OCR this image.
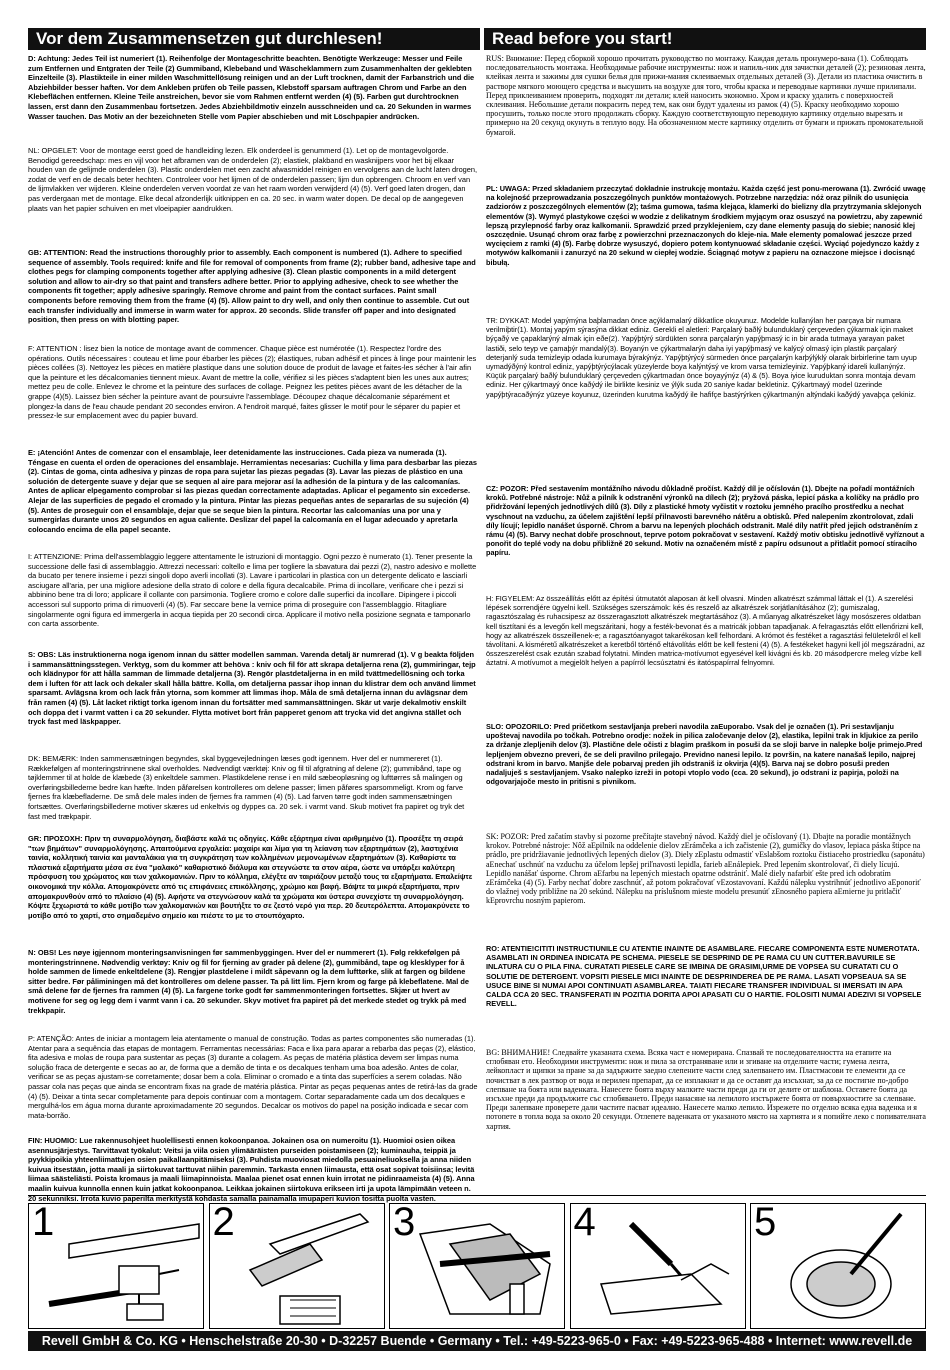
Vor dem Zusammensetzen gut durchlesen!	Read before you start!

D: Achtung: Jedes Teil ist numeriert (1). Reihenfolge der Montageschritte beachten. Benötigte Werkzeuge: Messer und Feile zum Entfernen und Entgraten der Teile (2) Gummiband, Klebeband und Wäscheklammern zum Zusammenhalten der geklebten Einzelteile (3). Plastikteile in einer milden Waschmittellösung reinigen und an der Luft trocknen, damit der Farbanstrich und die Abziehbilder besser haften. Vor dem Ankleben prüfen ob Teile passen, Klebstoff sparsam auftragen Chrom und Farbe an den Klebeflächen entfernen. Kleine Teile anstreichen, bevor sie vom Rahmen entfernt werden (4) (5). Farben gut durchtrocknen lassen, erst dann den Zusammenbau fortsetzen. Jedes Abziehbildmotiv einzeln ausschneiden und ca. 20 Sekunden in warmes Wasser tauchen. Das Motiv an der bezeichneten Stelle vom Papier abschieben und mit Löschpapier andrücken.

NL: OPGELET: Voor de montage eerst goed de handleiding lezen. Elk onderdeel is genummerd (1). Let op de montagevolgorde. Benodigd gereedschap: mes en vijl voor het afbramen van de onderdelen (2); elastiek, plakband en wasknijpers voor het bij elkaar houden van de gelijmde onderdelen (3). Plastic onderdelen met een zacht afwasmiddel reinigen en vervolgens aan de lucht laten drogen, zodat de verf en de decals beter hechten. Controleer voor het lijmen of de onderdelen passen; lijm dun opbrengen. Chroom en verf van de lijmvlakken ver wijderen. Kleine onderdelen verven voordat ze van het raam worden verwijderd (4) (5). Verf goed laten drogen, dan pas verdergaan met de montage. Elke decal afzonderlijk uitknippen en ca. 20 sec. in warm water dopen. De decal op de aangegeven plaats van het papier schuiven en met vloeipapier aandrukken.

GB: ATTENTION: Read the instructions thoroughly prior to assembly. Each component is numbered (1). Adhere to specified sequence of assembly. Tools required: knife and file for removal of components from frame (2); rubber band, adhesive tape and clothes pegs for clamping components together after applying adhesive (3). Clean plastic components in a mild detergent solution and allow to air-dry so that paint and transfers adhere better. Prior to applying adhesive, check to see whether the components fit together; apply adhesive sparingly. Remove chrome and paint from the contact surfaces. Paint small components before removing them from the frame (4) (5). Allow paint to dry well, and only then continue to assemble. Cut out each transfer individually and immerse in warm water for approx. 20 seconds. Slide transfer off paper and into designated position, then press on with blotting paper.

F: ATTENTION : lisez bien la notice de montage avant de commencer. Chaque pièce est numérotée (1). Respectez l'ordre des opérations. Outils nécessaires : couteau et lime pour ébarber les pièces (2); élastiques, ruban adhésif et pinces à linge pour maintenir les pièces collées (3). Nettoyez les pièces en matière plastique dans une solution douce de produit de lavage et faites-les sécher à l'air afin que la peinture et les décalcomanies tiennent mieux. Avant de mettre la colle, vérifiez si les pièces s'adaptent bien les unes aux autres; mettez peu de colle. Enlevez le chrome et la peinture des surfaces de collage. Peignez les petites pièces avant de les détacher de la grappe (4)(5). Laissez bien sécher la peinture avant de poursuivre l'assemblage. Découpez chaque décalcomanie séparément et plongez-la dans de l'eau chaude pendant 20 secondes environ. A l'endroit marqué, faites glisser le motif pour le séparer du papier et pressez-le sur emplacement avec du papier buvard.

E: ¡Atención! Antes de comenzar con el ensamblaje, leer detenidamente las instrucciones. Cada pieza va numerada (1). Téngase en cuenta el orden de operaciones del ensamblaje. Herramientas necesarias: Cuchilla y lima para desbarbar las piezas (2). Cintas de goma, cinta adhesiva y pinzas de ropa para sujetar las piezas pegadas (3). Lavar las piezas de plástico en una solución de detergente suave y dejar que se sequen al aire para mejorar así la adhesión de la pintura y de las calcomanías. Antes de aplicar elpegamento comprobar si las piezas quedan correctamente adaptadas. Aplicar el pegamento sin excederse. Alejar de las superficies de pegado el cromado y la pintura. Pintar las piezas pequeñas antes de separarlas de su sujeción (4) (5). Antes de proseguir con el ensamblaje, dejar que se seque bien la pintura. Recortar las calcomanías una por una y sumergirlas durante unos 20 segundos en agua caliente. Deslizar del papel la calcomanía en el lugar adecuado y apretarla colocando encima de ella papel secante.

I: ATTENZIONE: Prima dell'assemblaggio leggere attentamente le istruzioni di montaggio. Ogni pezzo è numerato (1). Tener presente la successione delle fasi di assemblaggio. Attrezzi necessari: coltello e lima per togliere la sbavatura dai pezzi (2), nastro adesivo e mollette da bucato per tenere insieme i pezzi singoli dopo averli incollati (3). Lavare i particolari in plastica con un detergente delicato e lasciarli asciugare all'aria, per una migliore adesione della strato di colore e della figura decalcabile. Prima di incollare, verificare che i pezzi si abbinino bene tra di loro; applicare il collante con parsimonia. Togliere cromo e colore dalle superfici da incollare. Dipingere i piccoli accessori sul supporto prima di rimuoverli (4) (5). Far seccare bene la vernice prima di proseguire con l'assemblaggio. Ritagliare singolarmente ogni figura ed immergerla in acqua tiepida per 20 secondi circa. Applicare il motivo nella posizione segnata e tamponarlo con carta assorbente.

S: OBS: Läs instruktionerna noga igenom innan du sätter modellen samman. Varenda detalj är numrerad (1). V g beakta följden i sammansättningsstegen. Verktyg, som du kommer att behöva : kniv och fil för att skrapa detaljerna rena (2), gummiringar, tejp och klädnypor för att hålla samman de limmade detaljerna (3). Rengör plastdetaljerna in en mild tvättmedellösning och torka dem i luften för att lack och dekaler skall hålla bättre. Kolla, om detaljerna passar ihop innan du klistrar dem och använd limmet sparsamt. Avlägsna krom och lack från ytorna, som kommer att limmas ihop. Måla de små detaljerna innan du avlägsnar dem från ramen (4) (5). Låt lacket riktigt torka igenom innan du fortsätter med sammansättningen. Skär ut varje dekalmotiv enskilt och doppa det i varmt vatten i ca 20 sekunder. Flytta motivet bort från papperet genom att trycka vid det angivna stället och tryck fast med läskpapper.

DK: BEMÆRK: Inden sammensætningen begyndes, skal byggevejledningen læses godt igennem. Hver del er nummereret (1). Rækkefølgen af monteringstrinnene skal overholdes. Nødvendigt værktøj: Kniv og fil til afgratning af delene (2); gummibånd, tape og tøjklemmer til at holde de klæbede (3) enkeltdele sammen. Plastikdelene rense i en mild sæbeopløsning og lufttørres så malingen og overføringsbillederne bedre kan hæfte. Inden påførelsen kontrolleres om delene passer; limen påføres sparsommeligt. Krom og farve fjernes fra klæbefladerne. De små dele males inden de fjernes fra rammen (4) (5). Lad farven tørre godt inden sammensætningen fortsættes. Overføringsbillederne motiver skæres ud enkeltvis og dyppes ca. 20 sek. i varmt vand. Skub motivet fra papiret og tryk det fast med trækpapir.

GR: ΠΡΟΣΟΧΗ: Πριν τη συναρμολόγηση, διαβάστε καλά τις οδηγίες. Κάθε εξάρτημα είναι αριθμημένο (1). Προσέξτε τη σειρά "των βημάτων" συναρμολόγησης. Απαιτούμενα εργαλεία: μαχαίρι και λίμα για τη λείανση των εξαρτημάτων (2), λαστιχένια ταινία, κολλητική ταινία και μανταλάκια για τη συγκράτηση των κολλημένων μεμονωμένων εξαρτημάτων (3). Καθαρίστε τα πλαστικά εξαρτήματα μέσα σε ένα "μαλακό" καθαριστικό διάλυμα και στεγνώστε τα στον αέρα, ώστε να υπάρξει καλύτερη πρόσφυση του χρώματος και των χαλκομανιών. Πριν το κόλλημα, ελέγξτε αν ταιριάζουν μεταξύ τους τα εξαρτήματα. Επαλείψτε οικονομικά την κόλλα. Απομακρύνετε από τις επιφάνειες επικόλλησης, χρώμιο και βαφή. Βάψτε τα μικρά εξαρτήματα, πριν απομακρυνθούν από το πλαίσιο (4) (5). Αφήστε να στεγνώσουν καλά τα χρώματα και ύστερα συνεχίστε τη συναρμολόγηση. Κόψτε ξεχωριστά το κάθε μοτίβο των χαλκομανιών και βουτήξτε το σε ζεστό νερό για περ. 20 δευτερόλεπτα. Απομακρύνετε το μοτίβο από το χαρτί, στο σημαδεμένο σημείο και πιέστε το με το στουπόχαρτο.

N: OBS! Les nøye igjennom monteringsanvisningen før sammenbyggingen. Hver del er nummerert (1). Følg rekkefølgen på monteringstrinnene. Nødvendig verktøy: Kniv og fil for fjerning av grader på delene (2), gummibånd, tape og klesklyper for å holde sammen de limede enkeltdelene (3). Rengjør plastdelene i mildt såpevann og la dem lufttørke, slik at fargen og bildene sitter bedre. Før påliminingen må det kontrolleres om delene passer. Ta på litt lim. Fjern krom og farge på klebeflatene. Mal de små delene før de fjernes fra rammen (4) (5). La fargene torke godt før sammenmonteringen fortsettes. Skjær ut hvert av motivene for seg og legg dem i varmt vann i ca. 20 sekunder. Skyv motivet fra papiret på det merkede stedet og trykk på med trekkpapir.

P: ATENÇÃO: Antes de iniciar a montagem leia atentamente o manual de construção. Todas as partes componentes são numeradas (1). Atentar para a sequência das etapas de montagem. Ferramentas necessárias: Faca e lixa para aparar a rebarba das peças (2), elástico, fita adesiva e molas de roupa para sustentar as peças (3) durante a colagem. As peças de matéria plástica devem ser limpas numa solução fraca de detergente e secas ao ar, de forma que a demão de tinta e os decalques tenham uma boa adesão. Antes de colar, verificar se as peças ajustam-se corretamente; dosar bem a cola. Eliminar o cromado e a tinta das superfícies a serem coladas. Não passar cola nas peças que ainda se encontram fixas na grade de matéria plástica. Pintar as peças pequenas antes de retirá-las da grade (4) (5). Deixar a tinta secar completamente para depois continuar com a montagem. Cortar separadamente cada um dos decalques e mergulhá-los em água morna durante aproximadamente 20 segundos. Decalcar os motivos do papel na posição indicada e secar com mata-borrão.

FIN: HUOMIO: Lue rakennusohjeet huolellisesti ennen kokoonpanoa. Jokainen osa on numeroitu (1). Huomioi osien oikea asennusjärjestys. Tarvittavat työkalut: Veitsi ja viila osien ylimääräisten purseiden poistamiseen (2); kuminauha, teippiä ja pyykkipoikia yhteenliimattujen osien paikallaanpitämiseksi (3). Puhdista muoviosat miedolla pesuaineliuoksella ja anna niiden kuivua itsestään, jotta maali ja siirtokuvat tarttuvat niihin paremmin. Tarkasta ennen liimausta, että osat sopivat toisiinsa; levitä liimaa säästeliästi. Poista kromaus ja maali liimapinnoista. Maalaa pienet osat ennen kuin irrotat ne pidinraameista (4) (5). Anna maalin kuivua kunnolla ennen kuin jatkat kokoonpanoa. Leikkaa jokainen siirtokuva erikseen irti ja upota lämpimään veteen n. 20 sekunniksi. Irrota kuvio paperilta merkitystä kohdasta samalla painamalla imupaperi kuvion tositta puolta vasten.

RUS: Внимание: Перед сборкой хорошо прочитать руководство по монтажу. Каждая деталь пронумеро-вана (1). Соблюдать последовательность монтажа. Необходимые рабочие инструменты: нож и напиль-ник для зачистки деталей (2); резиновая лента, клейкая лента и зажимы для сушки белья для прижи-мания склеиваемых отдельных деталей (3). Детали из пластика очистить в растворе мягкого моющего средства и высушить на воздухе для того, чтобы краска и переводные картинки лучше прилипали. Перед приклеиванием проверить, подходят ли детали; клей наносить экономно. Хром и краску удалить с поверхностей склеивания. Небольшие детали покрасить перед тем, как они будут удалены из рамок (4) (5). Краску необходимо хорошо просушить, только после этого продолжать сборку. Каждую соответствующую переводную картинку отдельно вырезать и примерно на 20 секунд окунуть в теплую воду. На обозначенном месте картинку отделить от бумаги и прижать промокательной бумагой.

PL: UWAGA: Przed składaniem przeczytać dokładnie instrukcję montażu. Każda część jest ponu-merowana (1). Zwrócić uwagę na kolejność przeprowadzania poszczególnych punktów montażowych. Potrzebne narzędzia: nóż oraz pilnik do usunięcia zadziorów z poszczególnych elementów (2); taśma gumowa, taśma klejąca, klamerki do bielizny dla przytrzymania sklejonych elementów (3). Wymyć plastykowe części w wodzie z delikatnym środkiem myjącym oraz osuszyć na powietrzu, aby zapewnić lepszą przylepność farby oraz kalkomanii. Sprawdzić przed przyklejeniem, czy dane elementy pasują do siebie; nanosić klej oszczędnie. Usunąć chrom oraz farbę z powierzchni przeznaczonych do kleje-nia. Małe elementy pomalować jeszcze przed wycięciem z ramki (4) (5). Farbę dobrze wysuszyć, dopiero potem kontynuować składanie części. Wyciąć pojedynczo każdy z motywów kalkomanii i zanurzyć na 20 sekund w ciepłej wodzie. Ściągnąć motyw z papieru na oznaczone miejsce i docisnąć bibułą.

TR: DYKKAT: Model yapýmýna baþlamadan önce açýklamalarý dikkatlice okuyunuz. Modelde kullanýlan her parçaya bir numara verilmiþtir(1). Montaj yapým sýrasýna dikkat ediniz. Gerekli el aletleri: Parçalarý baðlý bulunduklarý çerçeveden çýkarmak için maket býçaðý ve çapaklarýný almak için eðe(2). Yapýþtýrý sürdükten sonra parçalarýn yapýþmasý ic in bir arada tutmaya yarayan paket lastiði, selo teyp ve çamaþýr mandalý(3). Boyanýn ve çýkartmalarýn daha iyi yapýþmasý ve kalýcý olmasý için plastik parçalarý deterjanlý suda temizleyip odada kurumaya býrakýnýz. Yapýþtýrýcý sürmeden önce parçalarýn karþýlýklý olarak birbirlerine tam uyup uymadýðýný kontrol ediniz, yapýþtýrýcýlacak yüzeylerde boya kalýntýsý ve krom varsa temizleyiniz. Yapýþkaný idareli kullanýnýz. Küçük parçalarý baðlý bulunduklarý çerçeveden çýkartmadan önce boyayýnýz (4) & (5). Boya iyice kuruduktan sonra montaja devam ediniz. Her çýkartmayý önce kaðýdý ile birlikte kesiniz ve ýlýk suda 20 saniye kadar bekletiniz. Çýkartmayý model üzerinde yapýþtýracaðýnýz yüzeye koyunuz, üzerinden kurutma kaðýdý ile hafifçe bastýrýrken çýkartmanýn altýndaki kaðýdý yavaþça çekiniz.

CZ: POZOR: Před sestavením montážního návodu důkladně pročíst. Každý díl je očíslován (1). Dbejte na pořadí montážních kroků. Potřebné nástroje: Nůž a pilník k odstranění výronků na dílech (2); pryžová páska, lepicí páska a kolíčky na prádlo pro přidržování lepených jednotlivých dílů (3). Díly z plastické hmoty vyčistit v roztoku jemného pracího prostředku a nechat vyschnout na vzduchu, za účelem zajištění lepší přilnavosti barevného nátěru a obtisků. Před nalepením zkontrolovat, zdali díly lícují; lepidlo nanášet úsporně. Chrom a barvu na lepených plochách odstranit. Malé díly natřít před jejich odstraněním z rámu (4) (5). Barvy nechat dobře proschnout, teprve potom pokračovat v sestavení. Každý motiv obtisku jednotlivě vyříznout a ponořit do teplé vody na dobu přibližně 20 sekund. Motiv na označeném místě z papíru odsunout a přitlačit pomocí stíracího papíru.

H: FIGYELEM: Az összeállítás előtt az építési útmutatót alaposan át kell olvasni. Minden alkatrészt számmal láttak el (1). A szerelési lépések sorrendjére ügyelni kell. Szükséges szerszámok: kés és reszelő az alkatrészek sorjátlanításához (2); gumiszalag, ragasztószalag és ruhacsipesz az összeragasztott alkatrészek megtartásához (3). A műanyag alkatrészeket lágy mosószeres oldatban kell tisztítani és a levegőn kell megszáritani, hogy a festék-bevonat és a matricák jobban tapadjanak. A felragasztás előtt ellenőrizni kell, hogy az alkatrészek összeillenek-e; a ragasztóanyagot takarékosan kell felhordani. A krómot és festéket a ragasztási felületekről el kell távolítani. A kisméretű alkatrészeket a keretből történő eltávolítás előtt be kell festeni (4) (5). A festékeket hagyni kell jól megszáradni, az összeszerelést csak ezután szabad folytatni. Minden matrica-motívumot egyesével kell kivágni és kb. 20 másodpercre meleg vízbe kell áztatni. A motívumot a megjelölt helyen a papírról lecsúsztatni és itatóspapírral felnyomni.

SLO: OPOZORILO: Pred pričetkom sestavljanja preberi navodila zaEuporabo. Vsak del je označen (1). Pri sestavljanju upoštevaj navodila po točkah. Potrebno orodje: nožek in pilica zaločevanje delov (2), elastika, lepilni trak in kljukice za perilo za držanje zlepljenih delov (3). Plastične dele očisti z blagim praškom in posuši da se sloji barve in nalepke bolje primejo.Pred lepljenjem obvezno preveri, če se deli pravilno prilegajo. Previdno nanesi lepilo. Iz površin, na katere nanašaš lepilo, najprej odstrani krom in barvo. Manjše dele pobarvaj preden jih odstraniš iz okvirja (4)(5). Barva naj se dobro posuši preden nadaljuješ s sestavljanjem. Vsako nalepko izreži in potopi vtoplo vodo (cca. 20 sekund), jo odstrani iz papirja, položi na odgovarjajoče mesto in pritisni s pivnikom.

SK: POZOR: Pred začatím stavby si pozorne prečítajte stavebný návod. Každý diel je očíslovaný (1). Dbajte na poradie montážnych krokov. Potrebné nástroje: Nôž aEpilník na oddelenie dielov zErámčeka a ich začistenie (2), gumičky do vlasov, lepiaca páska štipce na prádlo, pre pridržiavanie jednotlivých lepených dielov (3). Diely zEplastu odmastiť vEslabšom roztoku čistiaceho prostriedku (saponátu) aEnechať uschnúť na vzduchu za účelom lepšej priľnavosti lepidla, farieb aEnálepiek. Pred lepením skontrolovať, či diely lícujú. Lepidlo nanášať úsporne. Chrom aEfarbu na lepených miestach opatrne odstrániť. Malé diely nafarbiť ešte pred ich odobratím zErámčeka (4) (5). Farby nechať dobre zaschnúť, až potom pokračovať vEzostavovaní. Každú nálepku vystrihnúť jednotlivo aEponoriť do vlažnej vody približne na 20 sekúnd. Nálepku na príslušnom mieste modelu presunúť zEnosného papiera aEmierne ju pritlačiť kEprovrchu nosným papierom.

RO: ATENTIE!CITITI INSTRUCTIUNILE CU ATENTIE INAINTE DE ASAMBLARE. FIECARE COMPONENTA ESTE NUMEROTATA. ASAMBLATI IN ORDINEA INDICATA PE SCHEMA. PIESELE SE DESPRIND DE PE RAMA CU UN CUTTER.BAVURILE SE INLATURA CU O PILA FINA. CURATATI PIESELE CARE SE IMBINA DE GRASIMI,URME DE VOPSEA SU CURATATI CU O SOLUTIE DE DETERGENT. VOPSITI PIESELE MICI INAINTE DE DESPRINDEREA DE PE RAMA. LASATI VOPSEAUA SA SE USUCE BINE SI NUMAI APOI CONTINUATI ASAMBLAREA. TAIATI FIECARE TRANSFER INDIVIDUAL SI IMERSATI IN APA CALDA CCA 20 SEC. TRANSFERATI IN POZITIA DORITA APOI APASATI CU O HARTIE. FOLOSITI NUMAI ADEZIVI SI VOPSELE REVELL.

BG: ВНИМАНИЕ! Следвайте указаната схема. Всяка част е номерирана. Спазвай те последователността на етапите на сглобяван ето. Необходими инструменти: нож и пила за отстраняване или и згиване на отделните части; гумена лента, лейкопласт и щипки за пране за да задържите заедно слепените части след залепването им. Пластмасови те елементи да се почистват в лек разтвор от вода и перилен препарат, да се изплакнат и да се оставят да изсъхнат, за да се постигне по-добро слепване на боята или ваденката. Нанесете боята върху малките части преди да ги от делите от шаблона. Оставете боята да изсъхне преди да продължите със сглобяването. Преди нанасяне на лепилото изстържете боята от повърхностите за слепване. Преди залепване проверете дали частите пасват идеално. Нанесете малко лепило. Изрежете по отделно всяка една ваденка и я потопете в топла вода за около 20 секунди. Отлепете ваденката от указаното място на хартията и я попийте леко с попивателната хартия.

1	2	3	4	5
Revell GmbH & Co. KG • Henschelstraße 20-30 • D-32257 Buende • Germany • Tel.: +49-5223-965-0 • Fax: +49-5223-965-488 • Internet: www.revell.de
